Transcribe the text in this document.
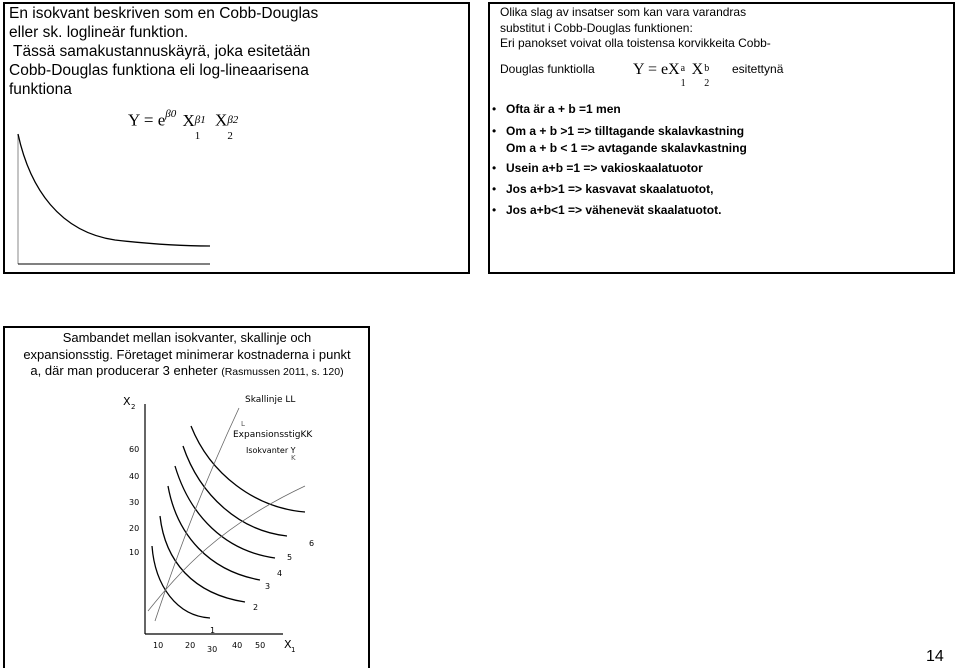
En isokvant beskriven som en Cobb-Douglas
eller sk. loglineär funktion.
Tässä samakustannuskäyrä, joka esitetään
Cobb-Douglas funktiona eli log-lineaarisena
funktiona
$Y = e^{\beta 0}$ X β1
1
X β2
2
Olika slag av insatser som kan vara varandras
substitut i Cobb-Douglas funktionen:
Eri panokset voivat olla toistensa korvikkeita Cobb-
Douglas funktiolla Y = eX a
1
X b
2
esitettynä
• Ofta är a + b =1 men
• Om a + b >1 => tilltagande skalavkastning
Om a + b < 1 => avtagande skalavkastning
• Usein a+b =1 => vakioskaalatuotor
• Jos a+b>1 => kasvavat skaalatuotot,
• Jos a+b<1 => vähenevät skaalatuotot.
Sambandet mellan isokvanter, skallinje och
expansionsstig. Företaget minimerar kostnaderna i punkt
a, där man producerar 3 enheter (Rasmussen 2011, s. 120)
X 2
X 1
60
40
30
20
10
10	20 30 40 50
Skallinje LL
L
ExpansionsstigKK
Isokvanter Y
K
1
2
3
4
5
6
14
